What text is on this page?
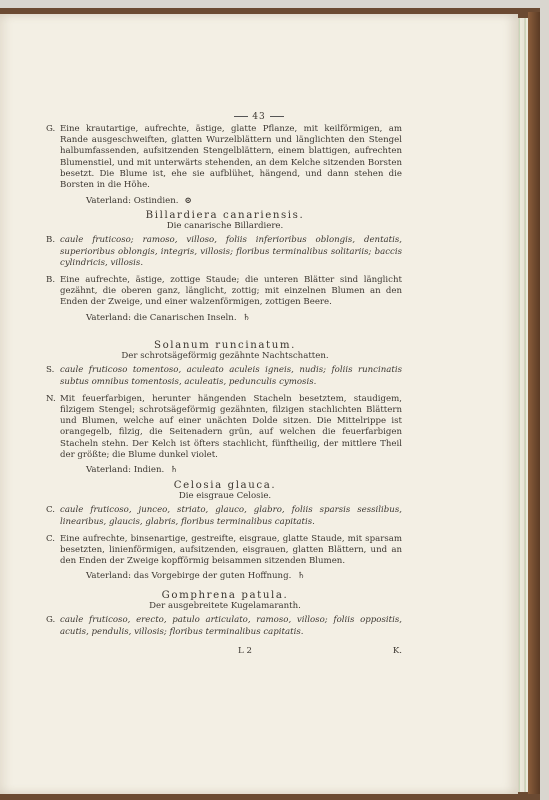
43

G. Eine krautartige, aufrechte, ästige, glatte Pflanze, mit keilförmigen, am Rande ausgeschweiften, glatten Wurzelblättern und länglichten den Stengel halbumfassenden, aufsitzenden Stengelblättern, einem blattigen, aufrechten Blumenstiel, und mit unterwärts stehenden, an dem Kelche sitzenden Borsten besetzt. Die Blume ist, ehe sie aufblühet, hängend, und dann stehen die Borsten in die Höhe.

Vaterland: Ostindien. ⊙

Billardiera canariensis.

Die canarische Billardiere.

B. caule fruticoso; ramoso, villoso, foliis inferioribus oblongis, dentatis, superioribus oblongis, integris, villosis; floribus terminalibus solitariis; baccis cylindricis, villosis.

B. Eine aufrechte, ästige, zottige Staude; die unteren Blätter sind länglicht gezähnt, die oberen ganz, länglicht, zottig; mit einzelnen Blumen an den Enden der Zweige, und einer walzenförmigen, zottigen Beere.

Vaterland: die Canarischen Inseln. ♄

Solanum runcinatum.

Der schrotsägeförmig gezähnte Nachtschatten.

S. caule fruticoso tomentoso, aculeato aculeis igneis, nudis; foliis runcinatis subtus omnibus tomentosis, aculeatis, pedunculis cymosis.

N. Mit feuerfarbigen, herunter hängenden Stacheln besetztem, staudigem, filzigem Stengel; schrotsägeförmig gezähnten, filzigen stachlichten Blättern und Blumen, welche auf einer unächten Dolde sitzen. Die Mittelrippe ist orangegelb, filzig, die Seitenadern grün, auf welchen die feuerfarbigen Stacheln stehn. Der Kelch ist öfters stachlicht, fünftheilig, der mittlere Theil der größte; die Blume dunkel violet.

Vaterland: Indien. ♄

Celosia glauca.

Die eisgraue Celosie.

C. caule fruticoso, junceo, striato, glauco, glabro, foliis sparsis sessilibus, linearibus, glaucis, glabris, floribus terminalibus capitatis.

C. Eine aufrechte, binsenartige, gestreifte, eisgraue, glatte Staude, mit sparsam besetzten, linienförmigen, aufsitzenden, eisgrauen, glatten Blättern, und an den Enden der Zweige kopfförmig beisammen sitzenden Blumen.

Vaterland: das Vorgebirge der guten Hoffnung. ♄

Gomphrena patula.

Der ausgebreitete Kugelamaranth.

G. caule fruticoso, erecto, patulo articulato, ramoso, villoso; foliis oppositis, acutis, pendulis, villosis; floribus terminalibus capitatis.

L 2	K.
